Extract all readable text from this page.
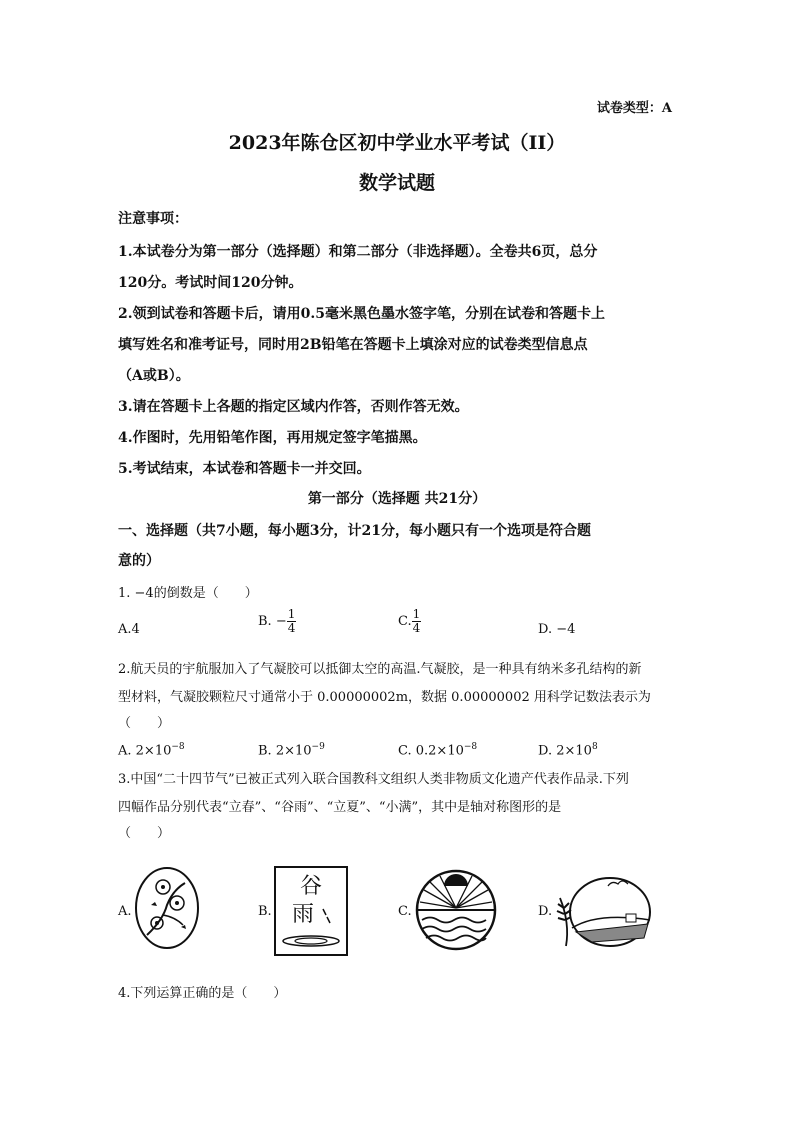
试卷类型：A
2023年陈仓区初中学业水平考试（II）
数学试题
注意事项：
1.本试卷分为第一部分（选择题）和第二部分（非选择题）。全卷共6页，总分
120分。考试时间120分钟。
2.领到试卷和答题卡后，请用0.5毫米黑色墨水签字笔，分别在试卷和答题卡上
填写姓名和准考证号，同时用2B铅笔在答题卡上填涂对应的试卷类型信息点
（A或B）。
3.请在答题卡上各题的指定区域内作答，否则作答无效。
4.作图时，先用铅笔作图，再用规定签字笔描黑。
5.考试结束，本试卷和答题卡一并交回。
第一部分（选择题 共21分）
一、选择题（共7小题，每小题3分，计21分，每小题只有一个选项是符合题
意的）
1. −4的倒数是（　　）
A.4
B. − $\frac{1}{4}$	C. $\frac{1}{4}$	D. −4
2.航天员的宇航服加入了气凝胶可以抵御太空的高温.气凝胶，是一种具有纳米多孔结构的新
型材料，气凝胶颗粒尺寸通常小于 0.00000002m，数据 0.00000002 用科学记数法表示为
（　　）
A. $2\times 10^{-8}$	B. $2\times 10^{-9}$	C. $0.2\times 10^{-8}$	D. $2\times 10^8$
3.中国“二十四节气”已被正式列入联合国教科文组织人类非物质文化遗产代表作品录.下列
四幅作品分别代表“立春”、“谷雨”、“立夏”、“小满”，其中是轴对称图形的是
（　　）
A.	B.
谷
雨	C.	D.
4.下列运算正确的是（　　）
